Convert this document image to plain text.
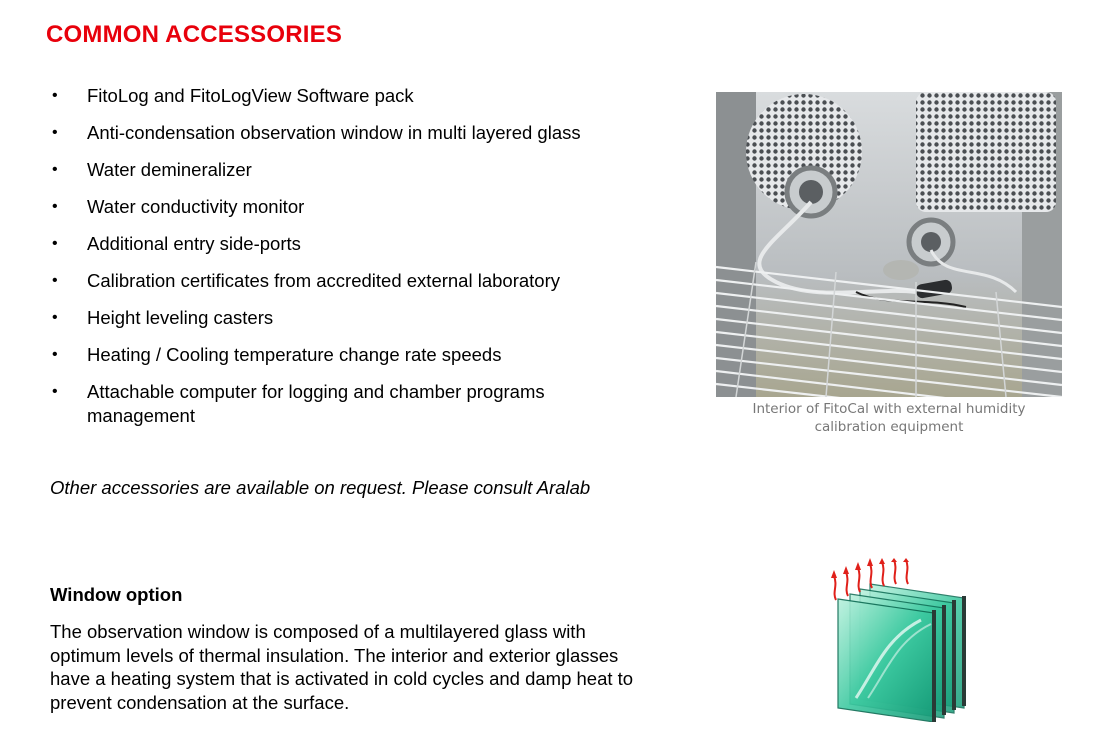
COMMON ACCESSORIES
• FitoLog and FitoLogView Software pack
• Anti-condensation observation window in multi layered glass
• Water demineralizer
• Water conductivity monitor
• Additional entry side-ports
• Calibration certificates from accredited external laboratory
• Height leveling casters
• Heating / Cooling temperature change rate speeds
• Attachable computer for logging and chamber programs management

Other accessories are available on request. Please consult Aralab

Interior of FitoCal with external humidity calibration equipment

Window option

The observation window is composed of a multilayered glass with optimum levels of thermal insulation. The interior and exterior glasses have a heating system that is activated in cold cycles and damp heat to prevent condensation at the surface.
